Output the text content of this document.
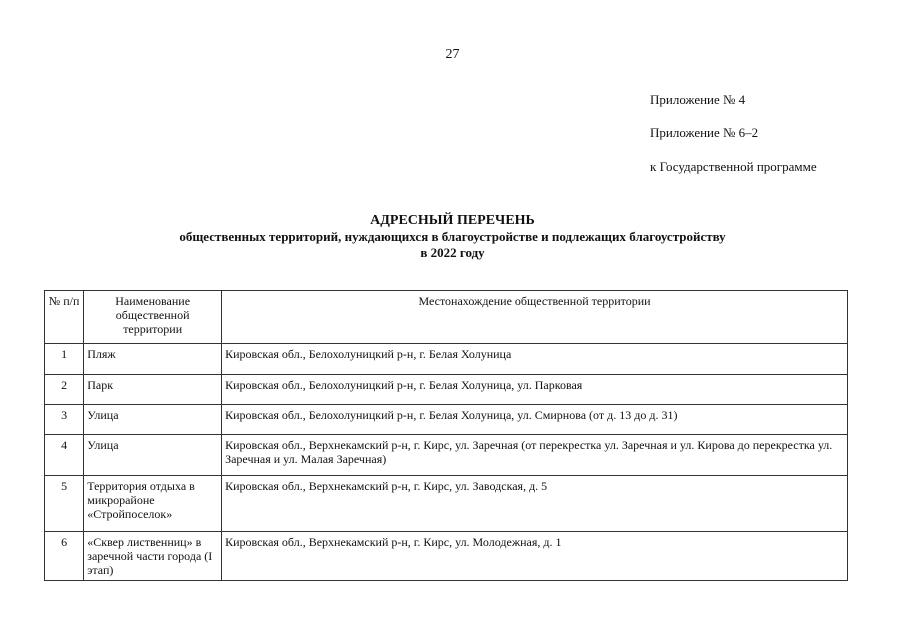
27
Приложение № 4
Приложение № 6–2
к Государственной программе
АДРЕСНЫЙ ПЕРЕЧЕНЬ
общественных территорий, нуждающихся в благоустройстве и подлежащих благоустройству
в 2022 году
№ п/п	Наименование общественной территории	Местонахождение общественной территории
1	Пляж	Кировская обл., Белохолуницкий р-н, г. Белая Холуница
2	Парк	Кировская обл., Белохолуницкий р-н, г. Белая Холуница, ул. Парковая
3	Улица	Кировская обл., Белохолуницкий р-н, г. Белая Холуница, ул. Смирнова (от д. 13 до д. 31)
4	Улица	Кировская обл., Верхнекамский р-н, г. Кирс, ул. Заречная (от перекрестка ул. Заречная и ул. Кирова до перекрестка ул. Заречная и ул. Малая Заречная)
5	Территория отдыха в микрорайоне «Стройпоселок»	Кировская обл., Верхнекамский р-н, г. Кирс, ул. Заводская, д. 5
6	«Сквер лиственниц» в заречной части города (I этап)	Кировская обл., Верхнекамский р-н, г. Кирс, ул. Молодежная, д. 1
